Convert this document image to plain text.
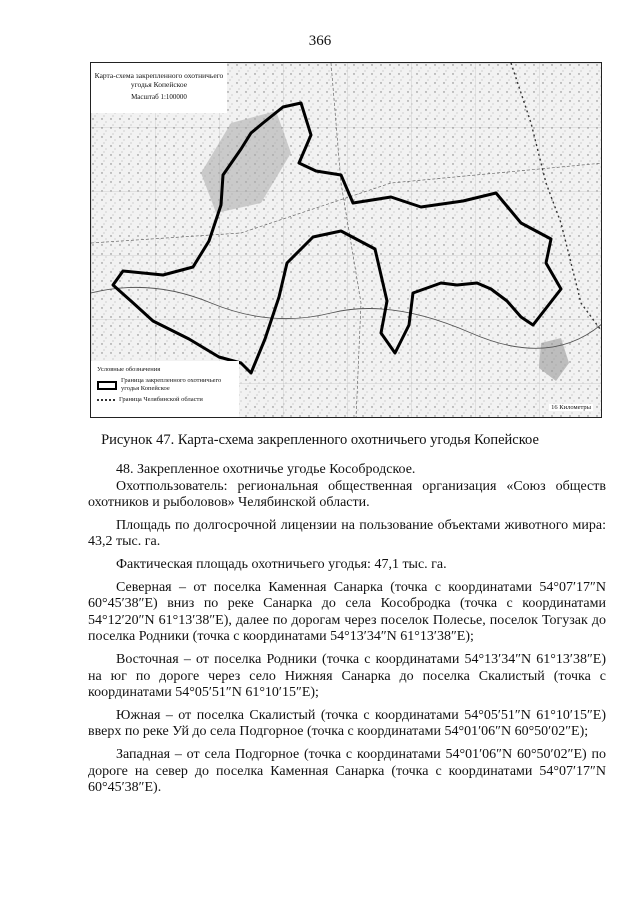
366
Карта-схема закрепленного охотничьего угодья Копейское
Масштаб 1:100000
Условные обозначения
Граница закрепленного охотничьего угодья Копейское
Граница Челябинской области
16 Километры
Рисунок 47. Карта-схема закрепленного охотничьего угодья Копейское

48. Закрепленное охотничье угодье Кособродское.

Охотпользователь: региональная общественная организация «Союз обществ охотников и рыболовов» Челябинской области.

Площадь по долгосрочной лицензии на пользование объектами животного мира: 43,2 тыс. га.

Фактическая площадь охотничьего угодья: 47,1 тыс. га.

Северная – от поселка Каменная Санарка (точка с координатами 54°07′17″N 60°45′38″E) вниз по реке Санарка до села Кособродка (точка с координатами 54°12′20″N 61°13′38″E), далее по дорогам через поселок Полесье, поселок Тогузак до поселка Родники (точка с координатами 54°13′34″N 61°13′38″E);

Восточная – от поселка Родники (точка с координатами 54°13′34″N 61°13′38″E) на юг по дороге через село Нижняя Санарка до поселка Скалистый (точка с координатами 54°05′51″N 61°10′15″E);

Южная – от поселка Скалистый (точка с координатами 54°05′51″N 61°10′15″E) вверх по реке Уй до села Подгорное (точка с координатами 54°01′06″N 60°50′02″E);

Западная – от села Подгорное (точка с координатами 54°01′06″N 60°50′02″E) по дороге на север до поселка Каменная Санарка (точка с координатами 54°07′17″N 60°45′38″E).
